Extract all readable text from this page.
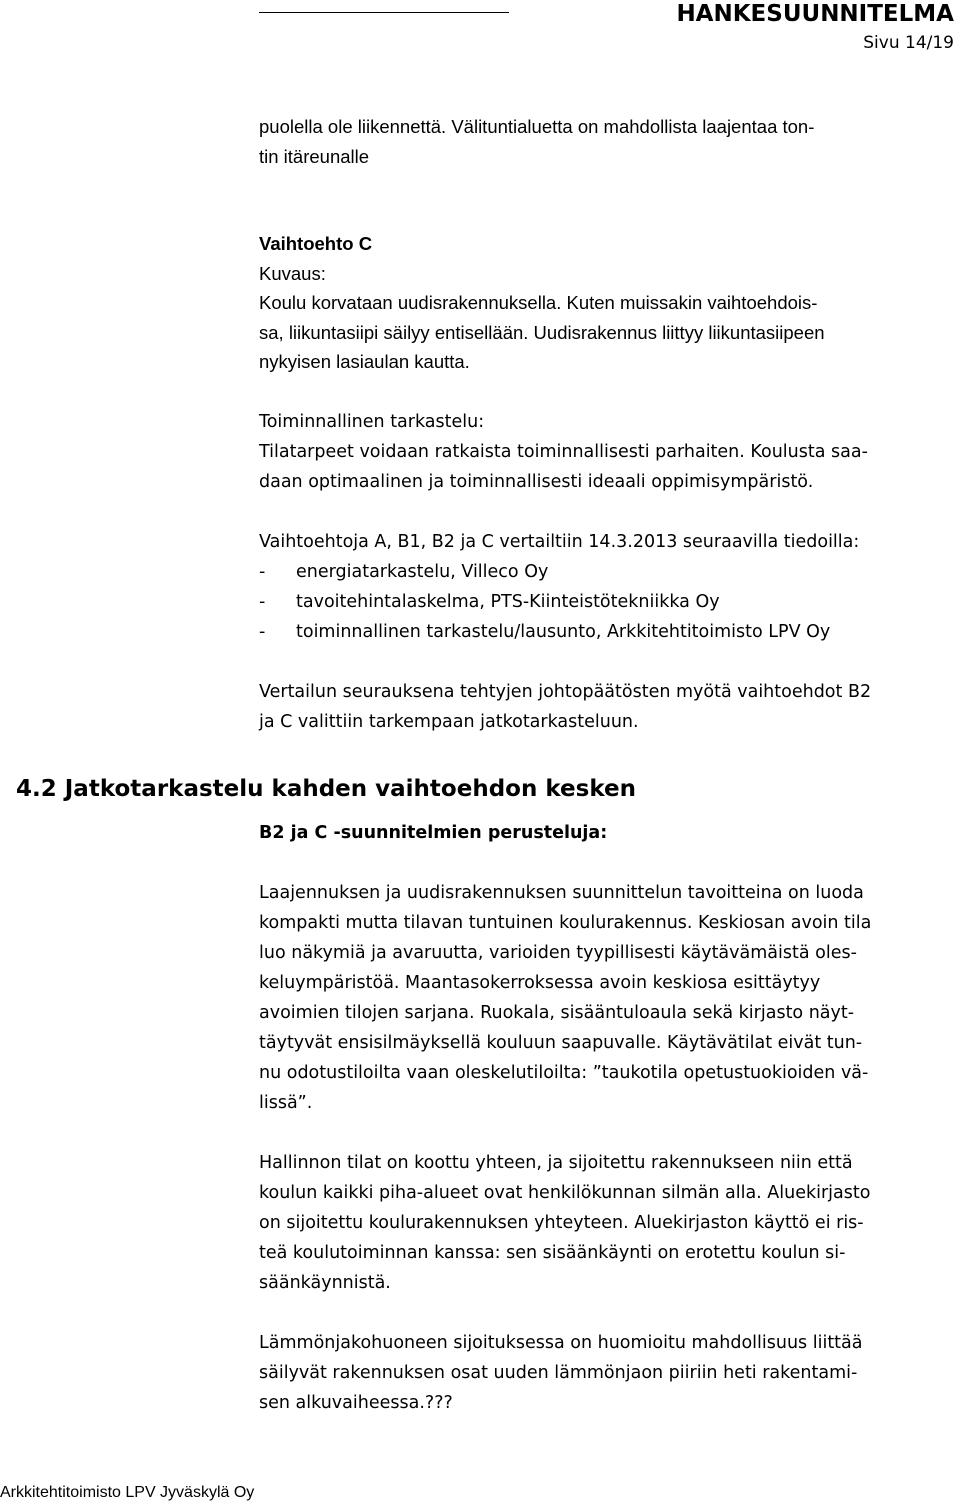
HANKESUUNNITELMA
Sivu 14/19

puolella ole liikennettä. Välituntialuetta on mahdollista laajentaa ton-
tin itäreunalle

Vaihtoehto C

Kuvaus:

Koulu korvataan uudisrakennuksella. Kuten muissakin vaihtoehdois-
sa, liikuntasiipi säilyy entisellään. Uudisrakennus liittyy liikuntasiipeen
nykyisen lasiaulan kautta.

Toiminnallinen tarkastelu:

Tilatarpeet voidaan ratkaista toiminnallisesti parhaiten. Koulusta saa-
daan optimaalinen ja toiminnallisesti ideaali oppimisympäristö.

Vaihtoehtoja A, B1, B2 ja C vertailtiin 14.3.2013 seuraavilla tiedoilla:

- energiatarkastelu, Villeco Oy
- tavoitehintalaskelma, PTS-Kiinteistötekniikka Oy
- toiminnallinen tarkastelu/lausunto, Arkkitehtitoimisto LPV Oy

Vertailun seurauksena tehtyjen johtopäätösten myötä vaihtoehdot B2
ja C valittiin tarkempaan jatkotarkasteluun.

4.2 Jatkotarkastelu kahden vaihtoehdon kesken

B2 ja C -suunnitelmien perusteluja:

Laajennuksen ja uudisrakennuksen suunnittelun tavoitteina on luoda
kompakti mutta tilavan tuntuinen koulurakennus. Keskiosan avoin tila
luo näkymiä ja avaruutta, varioiden tyypillisesti käytävämäistä oles-
keluympäristöä. Maantasokerroksessa avoin keskiosa esittäytyy
avoimien tilojen sarjana. Ruokala, sisääntuloaula sekä kirjasto näyt-
täytyvät ensisilmäyksellä kouluun saapuvalle. Käytävätilat eivät tun-
nu odotustiloilta vaan oleskelutiloilta: ”taukotila opetustuokioiden vä-
lissä”.

Hallinnon tilat on koottu yhteen, ja sijoitettu rakennukseen niin että
koulun kaikki piha-alueet ovat henkilökunnan silmän alla. Aluekirjasto
on sijoitettu koulurakennuksen yhteyteen. Aluekirjaston käyttö ei ris-
teä koulutoiminnan kanssa: sen sisäänkäynti on erotettu koulun si-
säänkäynnistä.

Lämmönjakohuoneen sijoituksessa on huomioitu mahdollisuus liittää
säilyvät rakennuksen osat uuden lämmönjaon piiriin heti rakentami-
sen alkuvaiheessa.???

Arkkitehtitoimisto LPV Jyväskylä Oy
